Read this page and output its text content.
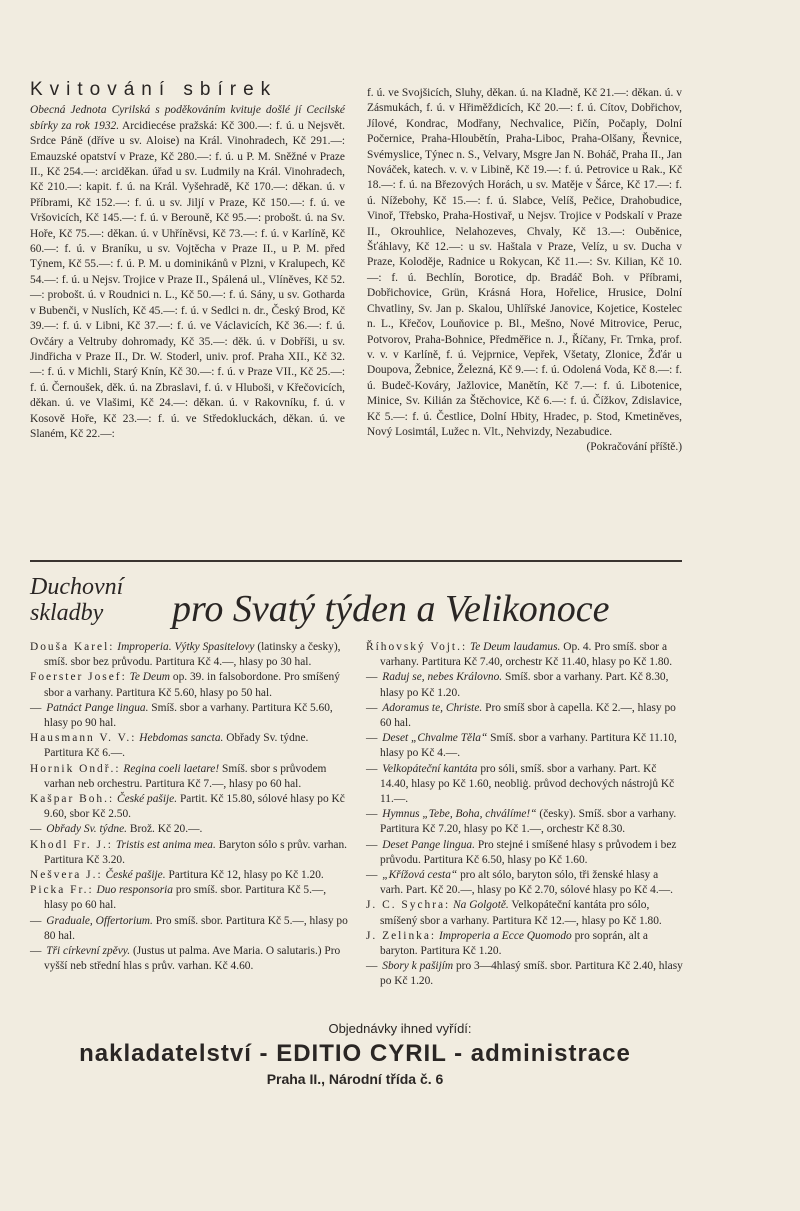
Kvitování sbírek

Obecná Jednota Cyrilská s poděkováním kvituje došlé jí Cecilské sbírky za rok 1932. Arcidiecése pražská: Kč 300.—: f. ú. u Nejsvět. Srdce Páně (dříve u sv. Aloise) na Král. Vinohradech, Kč 291.—: Emauzské opatství v Praze, Kč 280.—: f. ú. u P. M. Sněžné v Praze II., Kč 254.—: arciděkan. úřad u sv. Ludmily na Král. Vinohradech, Kč 210.—: kapit. f. ú. na Král. Vyšehradě, Kč 170.—: děkan. ú. v Příbrami, Kč 152.—: f. ú. u sv. Jiljí v Praze, Kč 150.—: f. ú. ve Vršovicích, Kč 145.—: f. ú. v Berouně, Kč 95.—: probošt. ú. na Sv. Hoře, Kč 75.—: děkan. ú. v Uhříněvsi, Kč 73.—: f. ú. v Karlíně, Kč 60.—: f. ú. v Braníku, u sv. Vojtěcha v Praze II., u P. M. před Týnem, Kč 55.—: f. ú. P. M. u dominikánů v Plzni, v Kralupech, Kč 54.—: f. ú. u Nejsv. Trojice v Praze II., Spálená ul., Vlíněves, Kč 52.—: probošt. ú. v Roudnici n. L., Kč 50.—: f. ú. Sány, u sv. Gotharda v Bubenči, v Nuslích, Kč 45.—: f. ú. v Sedlci n. dr., Český Brod, Kč 39.—: f. ú. v Libni, Kč 37.—: f. ú. ve Václavicích, Kč 36.—: f. ú. Ovčáry a Veltruby dohromady, Kč 35.—: děk. ú. v Dobříši, u sv. Jindřicha v Praze II., Dr. W. Stoderl, univ. prof. Praha XII., Kč 32.—: f. ú. v Michli, Starý Knín, Kč 30.—: f. ú. v Praze VII., Kč 25.—: f. ú. Černoušek, děk. ú. na Zbraslavi, f. ú. v Hluboši, v Křečovicích, děkan. ú. ve Vlašimi, Kč 24.—: děkan. ú. v Rakovníku, f. ú. v Kosově Hoře, Kč 23.—: f. ú. ve Středokluckách, děkan. ú. ve Slaném, Kč 22.—:

f. ú. ve Svojšicích, Sluhy, děkan. ú. na Kladně, Kč 21.—: děkan. ú. v Zásmukách, f. ú. v Hřiměždicích, Kč 20.—: f. ú. Cítov, Dobřichov, Jílové, Kondrac, Modřany, Nechvalice, Pičín, Počaply, Dolní Počernice, Praha-Hloubětín, Praha-Liboc, Praha-Olšany, Řevnice, Svémyslice, Týnec n. S., Velvary, Msgre Jan N. Boháč, Praha II., Jan Nováček, katech. v. v. v Libině, Kč 19.—: f. ú. Petrovice u Rak., Kč 18.—: f. ú. na Březových Horách, u sv. Matěje v Šárce, Kč 17.—: f. ú. Nížebohy, Kč 15.—: f. ú. Slabce, Velíš, Pečice, Drahobudice, Vinoř, Třebsko, Praha-Hostivař, u Nejsv. Trojice v Podskalí v Praze II., Okrouhlice, Nelahozeves, Chvaly, Kč 13.—: Ouběnice, Šťáhlavy, Kč 12.—: u sv. Haštala v Praze, Velíz, u sv. Ducha v Praze, Koloděje, Radnice u Rokycan, Kč 11.—: Sv. Kilian, Kč 10.—: f. ú. Bechlín, Borotice, dp. Bradáč Boh. v Příbrami, Dobřichovice, Grün, Krásná Hora, Hořelice, Hrusice, Dolní Chvatliny, Sv. Jan p. Skalou, Uhlířské Janovice, Kojetice, Kostelec n. L., Křečov, Louňovice p. Bl., Mešno, Nové Mitrovice, Peruc, Potvorov, Praha-Bohnice, Předměřice n. J., Říčany, Fr. Trnka, prof. v. v. v Karlíně, f. ú. Vejprnice, Vepřek, Všetaty, Zlonice, Žďár u Doupova, Žebnice, Železná, Kč 9.—: f. ú. Odolená Voda, Kč 8.—: f. ú. Budeč-Kováry, Jažlovice, Manětín, Kč 7.—: f. ú. Libotenice, Minice, Sv. Kilián za Štěchovice, Kč 6.—: f. ú. Čížkov, Zdislavice, Kč 5.—: f. ú. Čestlice, Dolní Hbity, Hradec, p. Stod, Kmetiněves, Nový Losimtál, Lužec n. Vlt., Nehvizdy, Nezabudice.

(Pokračování příště.)
Duchovní
skladby	pro Svatý týden a Velikonoce

Douša Karel: Improperia. Výtky Spasitelovy (latinsky a česky), smíš. sbor bez průvodu. Partitura Kč 4.—, hlasy po 30 hal.

Foerster Josef: Te Deum op. 39. in falsobordone. Pro smíšený sbor a varhany. Partitura Kč 5.60, hlasy po 50 hal.

— Patnáct Pange lingua. Smíš. sbor a varhany. Partitura Kč 5.60, hlasy po 90 hal.

Hausmann V. V.: Hebdomas sancta. Obřady Sv. týdne. Partitura Kč 6.—.

Hornik Ondř.: Regina coeli laetare! Smíš. sbor s průvodem varhan neb orchestru. Partitura Kč 7.—, hlasy po 60 hal.

Kašpar Boh.: České pašije. Partit. Kč 15.80, sólové hlasy po Kč 9.60, sbor Kč 2.50.

— Obřady Sv. týdne. Brož. Kč 20.—.

Khodl Fr. J.: Tristis est anima mea. Baryton sólo s prův. varhan. Partitura Kč 3.20.

Nešvera J.: České pašije. Partitura Kč 12, hlasy po Kč 1.20.

Picka Fr.: Duo responsoria pro smíš. sbor. Partitura Kč 5.—, hlasy po 60 hal.

— Graduale, Offertorium. Pro smíš. sbor. Partitura Kč 5.—, hlasy po 80 hal.

— Tři církevní zpěvy. (Justus ut palma. Ave Maria. O salutaris.) Pro vyšší neb střední hlas s prův. varhan. Kč 4.60.

Říhovský Vojt.: Te Deum laudamus. Op. 4. Pro smíš. sbor a varhany. Partitura Kč 7.40, orchestr Kč 11.40, hlasy po Kč 1.80.

— Raduj se, nebes Královno. Smíš. sbor a varhany. Part. Kč 8.30, hlasy po Kč 1.20.

— Adoramus te, Christe. Pro smíš sbor à capella. Kč 2.—, hlasy po 60 hal.

— Deset „Chvalme Těla“ Smíš. sbor a varhany. Partitura Kč 11.10, hlasy po Kč 4.—.

— Velkopáteční kantáta pro sóli, smíš. sbor a varhany. Part. Kč 14.40, hlasy po Kč 1.60, neobliġ. průvod dechových nástrojů Kč 11.—.

— Hymnus „Tebe, Boha, chválíme!“ (česky). Smíš. sbor a varhany. Partitura Kč 7.20, hlasy po Kč 1.—, orchestr Kč 8.30.

— Deset Pange lingua. Pro stejné i smíšené hlasy s průvodem i bez průvodu. Partitura Kč 6.50, hlasy po Kč 1.60.

— „Křížová cesta“ pro alt sólo, baryton sólo, tři ženské hlasy a varh. Part. Kč 20.—, hlasy po Kč 2.70, sólové hlasy po Kč 4.—.

J. C. Sychra: Na Golgotě. Velkopáteční kantáta pro sólo, smíšený sbor a varhany. Partitura Kč 12.—, hlasy po Kč 1.80.

J. Zelinka: Improperia a Ecce Quomodo pro soprán, alt a baryton. Partitura Kč 1.20.

— Sbory k pašijím pro 3—4hlasý smíš. sbor. Partitura Kč 2.40, hlasy po Kč 1.20.

Objednávky ihned vyřídí:
nakladatelství - EDITIO CYRIL - administrace
Praha II., Národní třída č. 6
